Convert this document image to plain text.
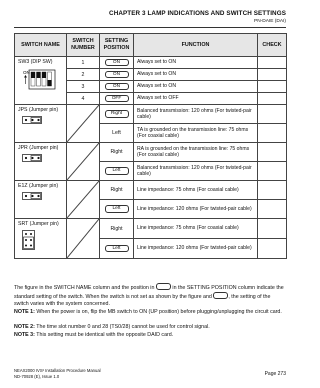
CHAPTER 3 LAMP INDICATIONS AND SWITCH SETTINGS
PN-DAIE (DAI)
SWITCH NAME	SWITCH NUMBER	SETTING POSITION	FUNCTION	CHECK

SW3 (DIP SW)
ON	1	ON	Always set to ON	
	2	ON	Always set to ON	
	3	ON	Always set to ON	
	4	OFF	Always set to OFF	

JPS (Jumper pin)		Right	Balanced transmission: 120 ohms (For twisted-pair cable)	
		Left	TA is grounded on the transmission line: 75 ohms (For coaxial cable)	

JPR (Jumper pin)		Right	RA is grounded on the transmission line: 75 ohms (For coaxial cable)	
		Left	Balanced transmission: 120 ohms (For twisted-pair cable)	

E1Z (Jumper pin)		Right	Line impedance: 75 ohms (For coaxial cable)	
		Left	Line impedance: 120 ohms (For twisted-pair cable)	

SRT (Jumper pin)		Right	Line impedance: 75 ohms (For coaxial cable)	
		Left	Line impedance: 120 ohms (For twisted-pair cable)	
The figure in the SWITCH NAME column and the position in	in the SETTING POSITION column indicate the standard setting of the switch. When the switch is not set as shown by the figure and	, the setting of the switch varies with the system concerned.
NOTE 1: When the power is on, flip the MB switch to ON (UP position) before plugging/unplugging the circuit card.
NOTE 2: The time slot number 0 and 28 (TS0/28) cannot be used for control signal.
NOTE 3: This setting must be identical with the opposite DAID card.
NEAX2000 IVS² Installation Procedure Manual
ND-70928 (E), Issue 1.0	Page 273
